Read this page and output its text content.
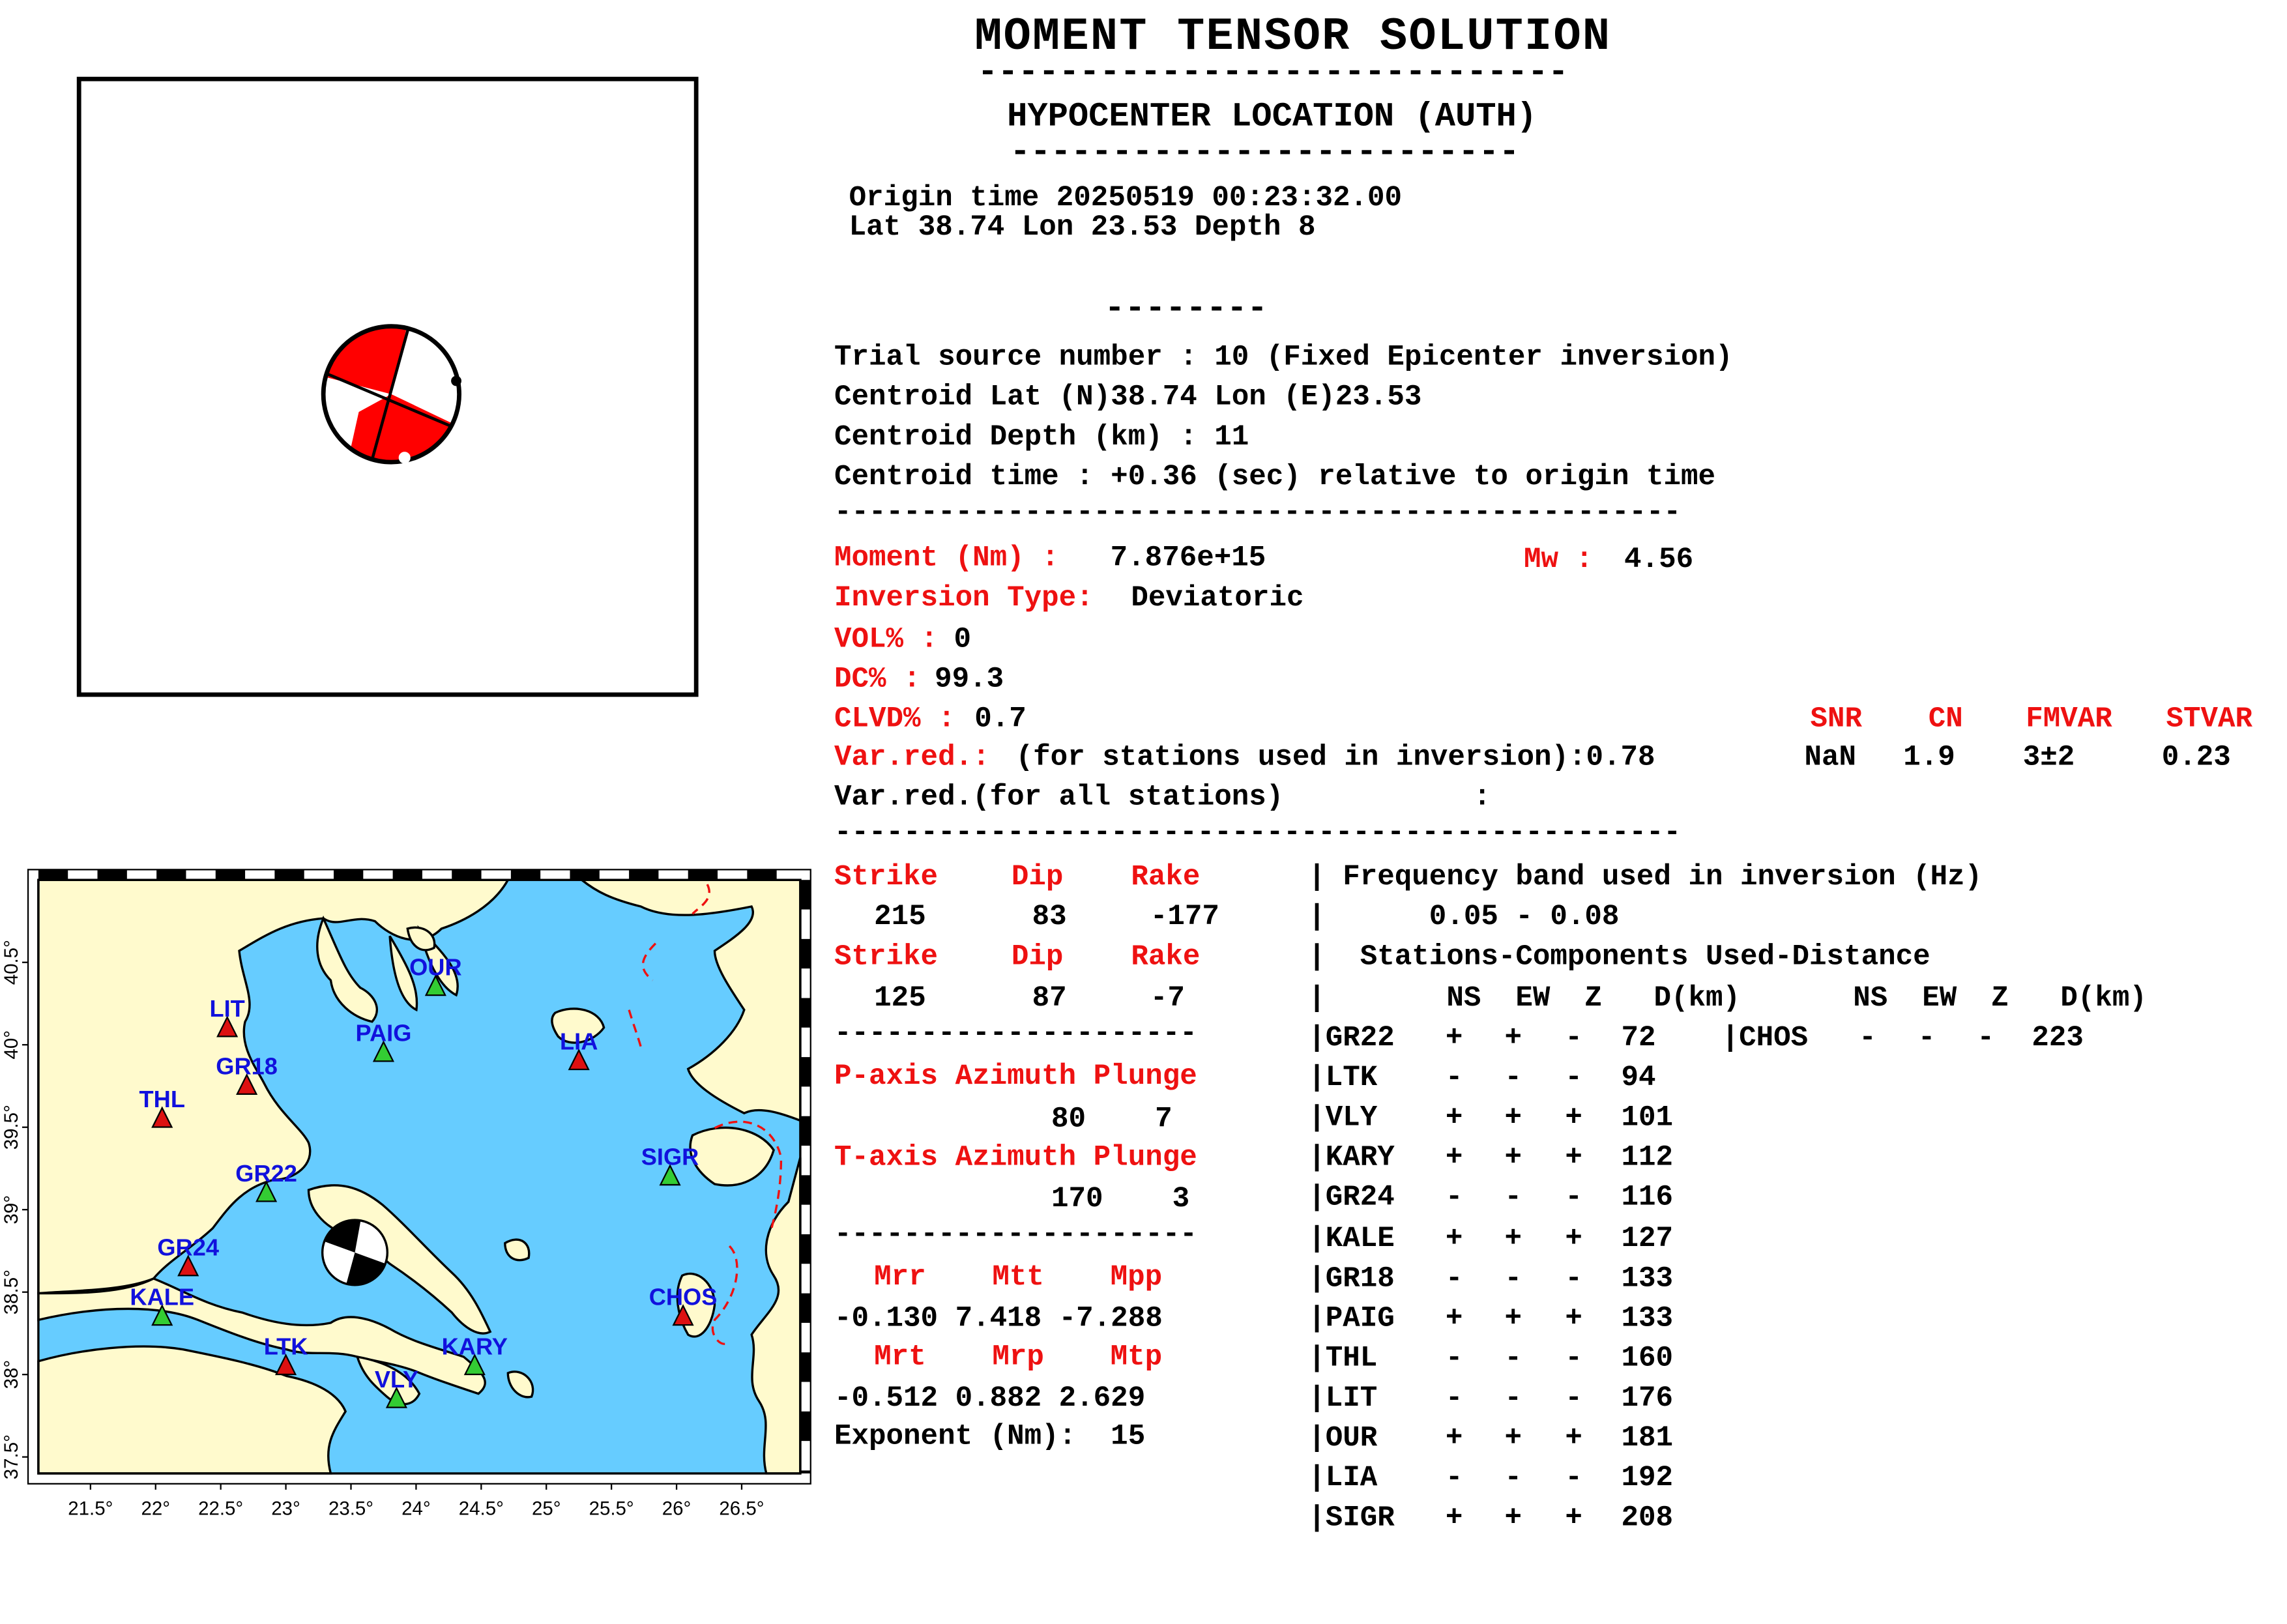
MOMENT TENSOR SOLUTION
-----------------------------
HYPOCENTER LOCATION (AUTH)
-------------------------
Origin time 20250519 00:23:32.00
Lat 38.74 Lon 23.53 Depth 8
--------
Trial source number : 10 (Fixed Epicenter inversion)
Centroid Lat (N)38.74 Lon (E)23.53
Centroid Depth (km) : 11
Centroid time : +0.36 (sec) relative to origin time
-------------------------------------------------
Moment (Nm) :	7.876e+15	Mw : 4.56
Inversion Type:	Deviatoric
VOL% : 0
DC% : 99.3
CLVD% : 0.7
Var.red.: (for stations used in inversion):0.78
Var.red.(for all stations)           :
-------------------------------------------------
SNR	CN	FMVAR	STVAR
NaN	1.9	3±2	0.23
Strike	Dip	Rake
215	83	-177
Strike	Dip	Rake
125	87	-7
---------------------
P-axis Azimuth Plunge
80    7
T-axis Azimuth Plunge
170    3
---------------------
Mrr	Mtt	Mpp
-0.130 7.418 -7.288
Mrt	Mrp	Mtp
-0.512 0.882 2.629
Exponent (Nm):  15
| Frequency band used in inversion (Hz)
|      0.05 - 0.08
|  Stations-Components Used-Distance
|       NS  EW  Z   D(km)	NS  EW  Z   D(km)
|GR22	+	+	-	72
|LTK	-	-	-	94
|VLY	+	+	+	101
|KARY	+	+	+	112
|GR24	-	-	-	116
|KALE	+	+	+	127
|GR18	-	-	-	133
|PAIG	+	+	+	133
|THL	-	-	-	160
|LIT	-	-	-	176
|OUR	+	+	+	181
|LIA	-	-	-	192
|SIGR	+	+	+	208
|CHOS	-	-	-	223
21.5°	22°	22.5°	23°	23.5°	24°	24.5°	25°	25.5°	26°	26.5°
37.5°
38°
38.5°
39°
39.5°
40°
40.5°	OUR
LIT
PAIG	LIA
GR18
THL
SIGR
GR22
GR24
CHOS
KALE
LTK	KARY
VLY
